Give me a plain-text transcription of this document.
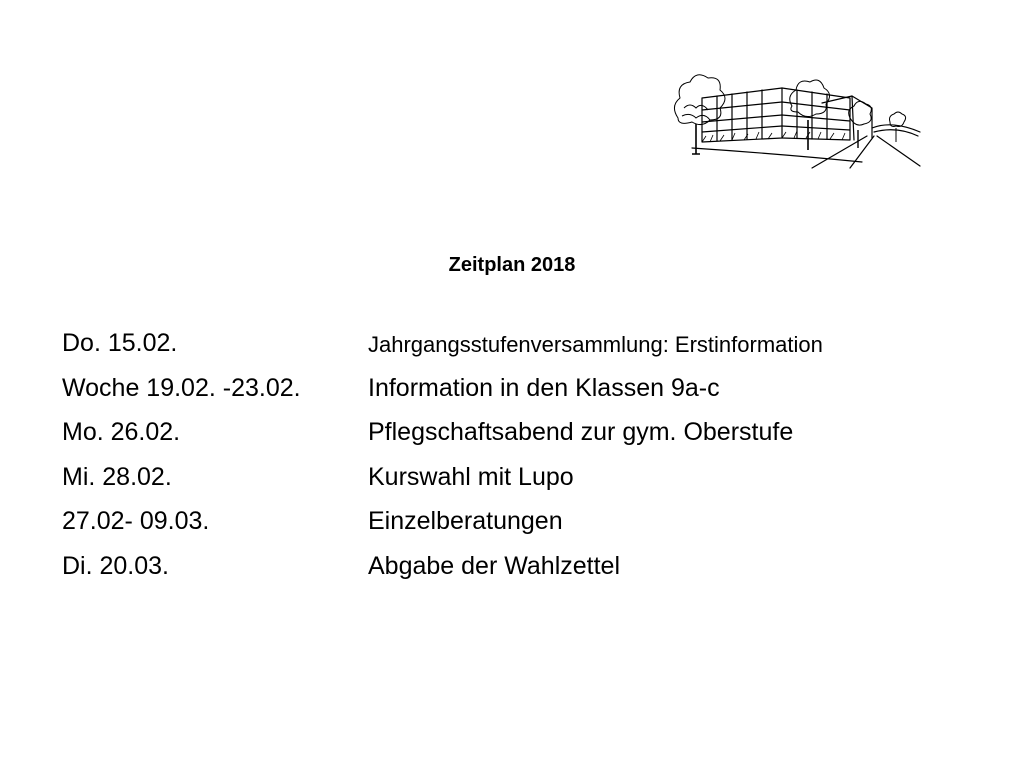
Zeitplan 2018
Do. 15.02.	Jahrgangsstufenversammlung: Erstinformation
Woche 19.02. -23.02.	Information in den Klassen 9a-c
Mo. 26.02.	Pflegschaftsabend zur gym. Oberstufe
Mi. 28.02.	Kurswahl mit Lupo
27.02- 09.03.	Einzelberatungen
Di. 20.03.	Abgabe der Wahlzettel
